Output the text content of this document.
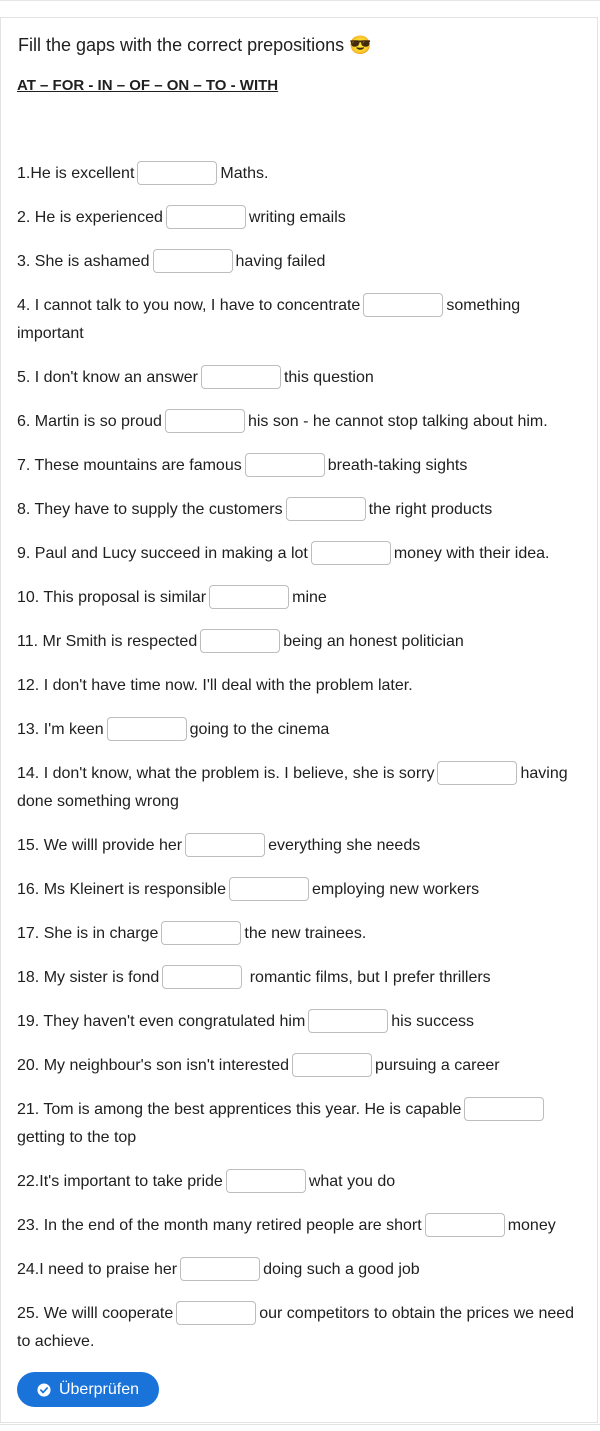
Fill the gaps with the correct prepositions 😎
AT – FOR - IN – OF – ON – TO - WITH
1.He is excellent	Maths.
2. He is experienced	writing emails
3. She is ashamed	having failed
4. I cannot talk to you now, I have to concentrate	something important
5. I don't know an answer	this question
6. Martin is so proud	his son - he cannot stop talking about him.
7. These mountains are famous	breath-taking sights
8. They have to supply the customers	the right products
9. Paul and Lucy succeed in making a lot	money with their idea.
10. This proposal is similar	mine
11. Mr Smith is respected	being an honest politician
12. I don't have time now. I'll deal with the problem later.
13. I'm keen	going to the cinema
14. I don't know, what the problem is. I believe, she is sorry	having done something wrong
15. We willl provide her	everything she needs
16. Ms Kleinert is responsible	employing new workers
17. She is in charge	the new trainees.
18. My sister is fond	romantic films, but I prefer thrillers
19. They haven't even congratulated him	his success
20. My neighbour's son isn't interested	pursuing a career
21. Tom is among the best apprentices this year. He is capablegetting to the top
22.It's important to take pride	what you do
23. In the end of the month many retired people are short	money
24.I need to praise her	doing such a good job
25. We willl cooperate	our competitors to obtain the prices we need to achieve.
Überprüfen
